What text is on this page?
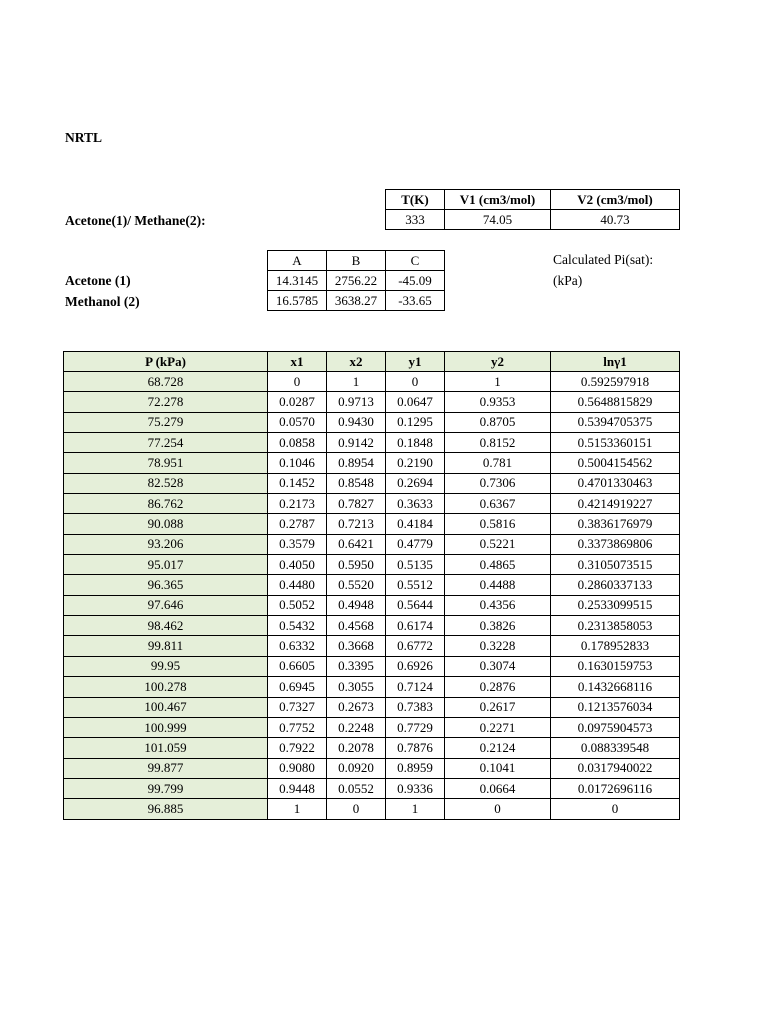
NRTL
Acetone(1)/ Methane(2):
T(K)	V1 (cm3/mol)	V2 (cm3/mol)
333	74.05	40.73
Acetone (1)
Methanol (2)
A	B	C
14.3145	2756.22	-45.09
16.5785	3638.27	-33.65
Calculated Pi(sat):
(kPa)
P (kPa)	x1	x2	y1	y2	lnγ1
68.728	0	1	0	1	0.592597918
72.278	0.0287	0.9713	0.0647	0.9353	0.5648815829
75.279	0.0570	0.9430	0.1295	0.8705	0.5394705375
77.254	0.0858	0.9142	0.1848	0.8152	0.5153360151
78.951	0.1046	0.8954	0.2190	0.781	0.5004154562
82.528	0.1452	0.8548	0.2694	0.7306	0.4701330463
86.762	0.2173	0.7827	0.3633	0.6367	0.4214919227
90.088	0.2787	0.7213	0.4184	0.5816	0.3836176979
93.206	0.3579	0.6421	0.4779	0.5221	0.3373869806
95.017	0.4050	0.5950	0.5135	0.4865	0.3105073515
96.365	0.4480	0.5520	0.5512	0.4488	0.2860337133
97.646	0.5052	0.4948	0.5644	0.4356	0.2533099515
98.462	0.5432	0.4568	0.6174	0.3826	0.2313858053
99.811	0.6332	0.3668	0.6772	0.3228	0.178952833
99.95	0.6605	0.3395	0.6926	0.3074	0.1630159753
100.278	0.6945	0.3055	0.7124	0.2876	0.1432668116
100.467	0.7327	0.2673	0.7383	0.2617	0.1213576034
100.999	0.7752	0.2248	0.7729	0.2271	0.0975904573
101.059	0.7922	0.2078	0.7876	0.2124	0.088339548
99.877	0.9080	0.0920	0.8959	0.1041	0.0317940022
99.799	0.9448	0.0552	0.9336	0.0664	0.0172696116
96.885	1	0	1	0	0
